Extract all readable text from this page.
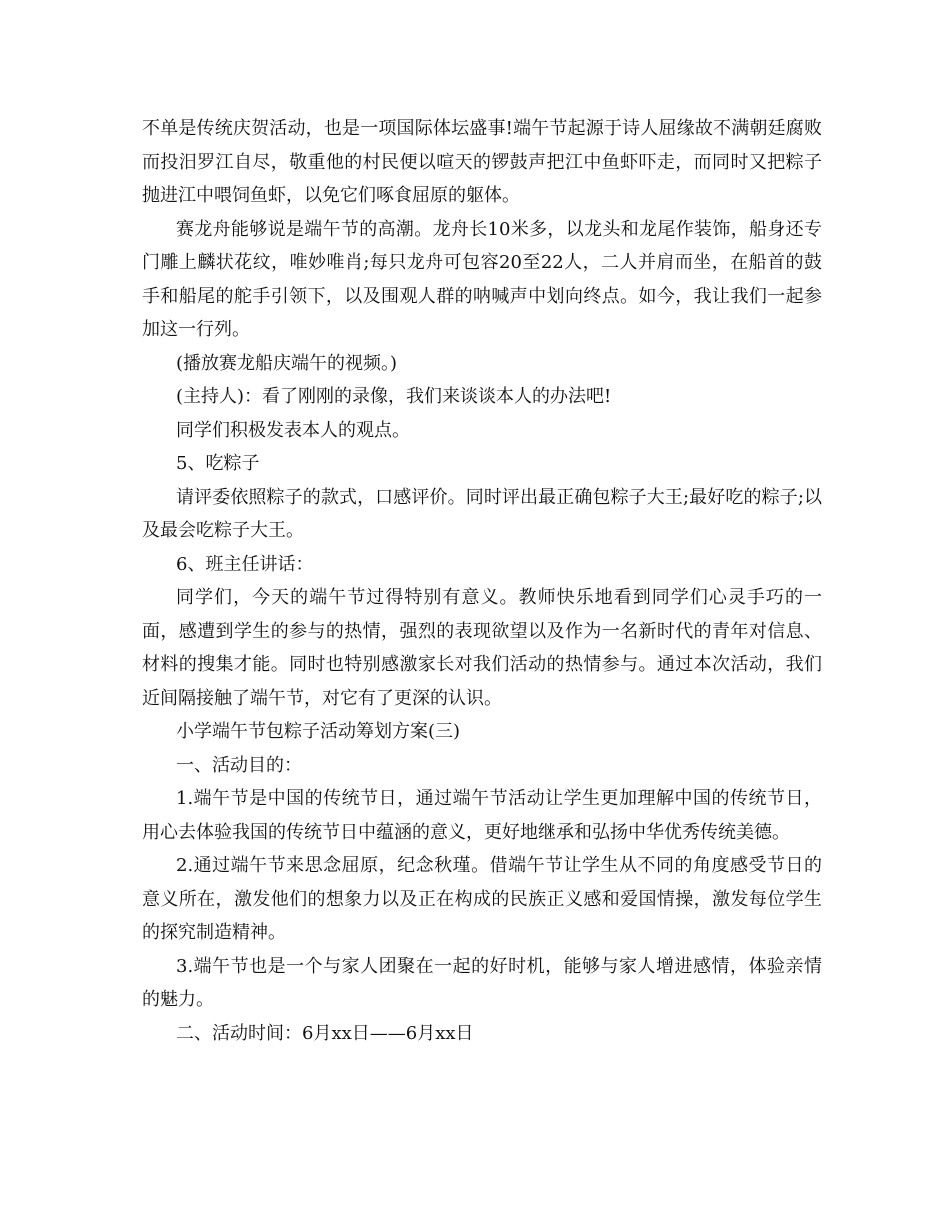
不单是传统庆贺活动，也是一项国际体坛盛事!端午节起源于诗人屈缘故不满朝廷腐败而投汨罗江自尽，敬重他的村民便以喧天的锣鼓声把江中鱼虾吓走，而同时又把粽子抛进江中喂饲鱼虾，以免它们啄食屈原的躯体。

赛龙舟能够说是端午节的高潮。龙舟长10米多，以龙头和龙尾作装饰，船身还专门雕上麟状花纹，唯妙唯肖;每只龙舟可包容20至22人，二人并肩而坐，在船首的鼓手和船尾的舵手引领下，以及围观人群的呐喊声中划向终点。如今，我让我们一起参加这一行列。

(播放赛龙船庆端午的视频。)

(主持人)：看了刚刚的录像，我们来谈谈本人的办法吧!

同学们积极发表本人的观点。

5、吃粽子

请评委依照粽子的款式，口感评价。同时评出最正确包粽子大王;最好吃的粽子;以及最会吃粽子大王。

6、班主任讲话：

同学们，今天的端午节过得特别有意义。教师快乐地看到同学们心灵手巧的一面，感遭到学生的参与的热情，强烈的表现欲望以及作为一名新时代的青年对信息、材料的搜集才能。同时也特别感激家长对我们活动的热情参与。通过本次活动，我们近间隔接触了端午节，对它有了更深的认识。

小学端午节包粽子活动筹划方案(三)

一、活动目的：

1.端午节是中国的传统节日，通过端午节活动让学生更加理解中国的传统节日，用心去体验我国的传统节日中蕴涵的意义，更好地继承和弘扬中华优秀传统美德。

2.通过端午节来思念屈原，纪念秋瑾。借端午节让学生从不同的角度感受节日的意义所在，激发他们的想象力以及正在构成的民族正义感和爱国情操，激发每位学生的探究制造精神。

3.端午节也是一个与家人团聚在一起的好时机，能够与家人增进感情，体验亲情的魅力。

二、活动时间：6月xx日——6月xx日
